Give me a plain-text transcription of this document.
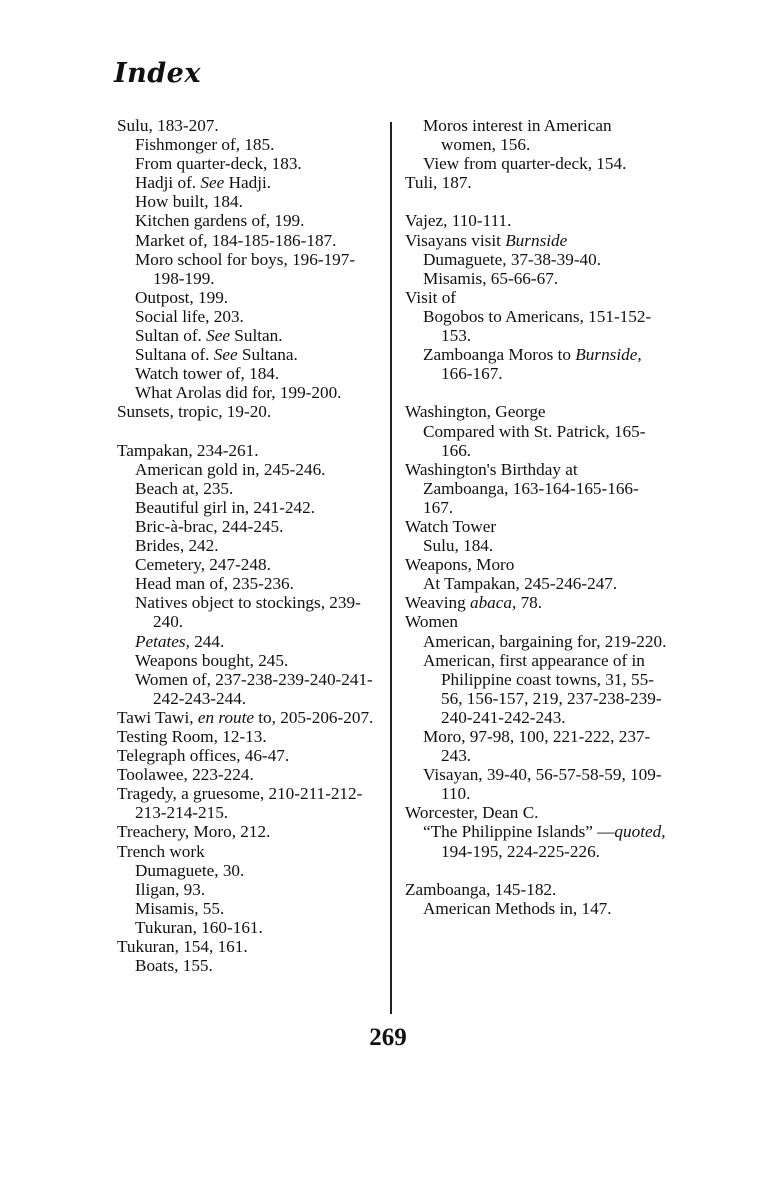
Index
Sulu, 183-207.
Fishmonger of, 185.
From quarter-deck, 183.
Hadji of. See Hadji.
How built, 184.
Kitchen gardens of, 199.
Market of, 184-185-186-187.
Moro school for boys, 196-197-198-199.
Outpost, 199.
Social life, 203.
Sultan of. See Sultan.
Sultana of. See Sultana.
Watch tower of, 184.
What Arolas did for, 199-200.
Sunsets, tropic, 19-20.
Tampakan, 234-261.
American gold in, 245-246.
Beach at, 235.
Beautiful girl in, 241-242.
Bric-à-brac, 244-245.
Brides, 242.
Cemetery, 247-248.
Head man of, 235-236.
Natives object to stockings, 239-240.
Petates, 244.
Weapons bought, 245.
Women of, 237-238-239-240-241-242-243-244.
Tawi Tawi, en route to, 205-206-207.
Testing Room, 12-13.
Telegraph offices, 46-47.
Toolawee, 223-224.
Tragedy, a gruesome, 210-211-212-213-214-215.
Treachery, Moro, 212.
Trench work
Dumaguete, 30.
Iligan, 93.
Misamis, 55.
Tukuran, 160-161.
Tukuran, 154, 161.
Boats, 155.
Moros interest in American women, 156.
View from quarter-deck, 154.
Tuli, 187.
Vajez, 110-111.
Visayans visit Burnside
Dumaguete, 37-38-39-40.
Misamis, 65-66-67.
Visit of
Bogobos to Americans, 151-152-153.
Zamboanga Moros to Burnside, 166-167.
Washington, George
Compared with St. Patrick, 165-166.
Washington's Birthday at Zamboanga, 163-164-165-166-167.
Watch Tower
Sulu, 184.
Weapons, Moro
At Tampakan, 245-246-247.
Weaving abaca, 78.
Women
American, bargaining for, 219-220.
American, first appearance of in Philippine coast towns, 31, 55-56, 156-157, 219, 237-238-239-240-241-242-243.
Moro, 97-98, 100, 221-222, 237-243.
Visayan, 39-40, 56-57-58-59, 109-110.
Worcester, Dean C.
“The Philippine Islands” —quoted, 194-195, 224-225-226.
Zamboanga, 145-182.
American Methods in, 147.
269
